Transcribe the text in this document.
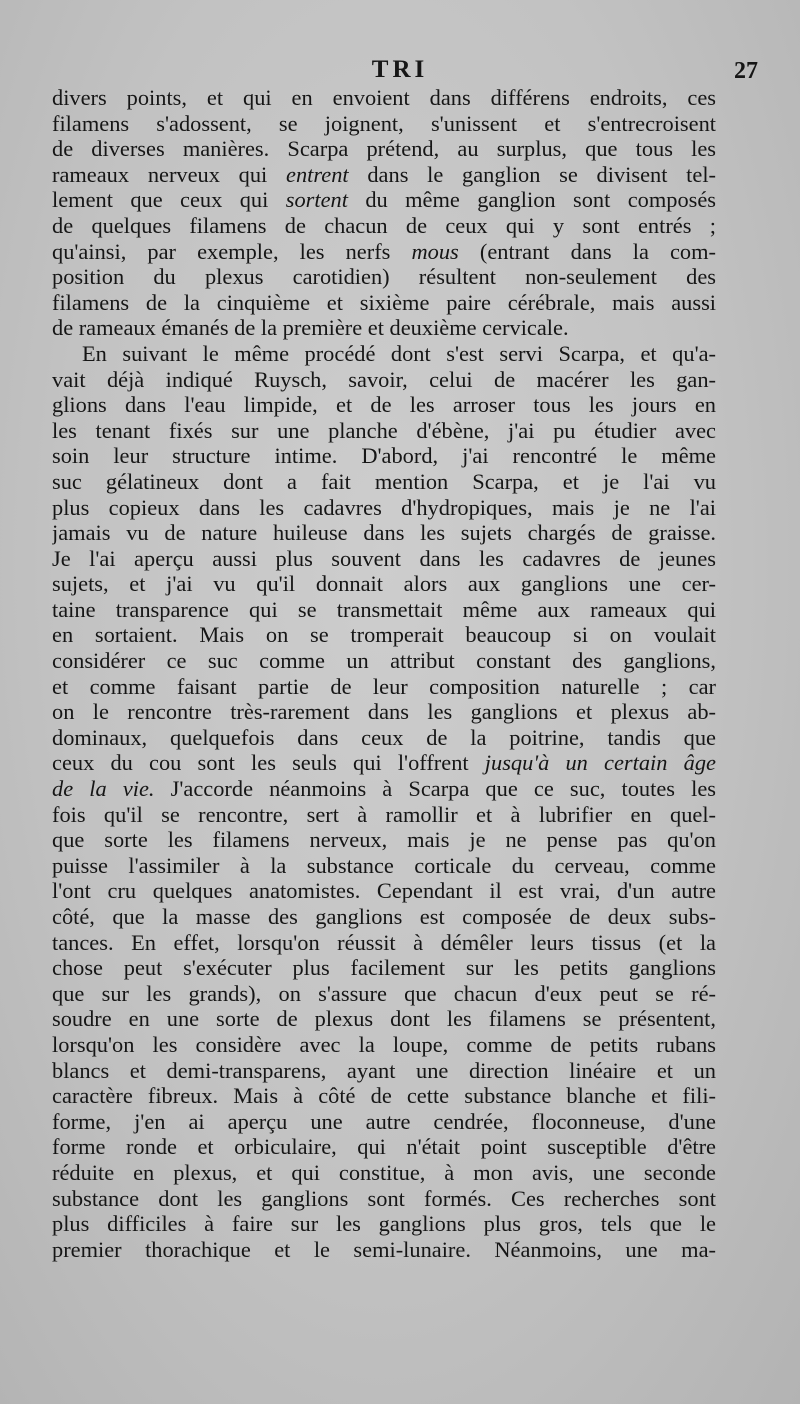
TRI	27
divers points, et qui en envoient dans différens endroits, ces
filamens s'adossent, se joignent, s'unissent et s'entrecroisent
de diverses manières. Scarpa prétend, au surplus, que tous les
rameaux nerveux qui entrent dans le ganglion se divisent tel-
lement que ceux qui sortent du même ganglion sont composés
de quelques filamens de chacun de ceux qui y sont entrés ;
qu'ainsi, par exemple, les nerfs mous (entrant dans la com-
position du plexus carotidien) résultent non-seulement des
filamens de la cinquième et sixième paire cérébrale, mais aussi
de rameaux émanés de la première et deuxième cervicale.
En suivant le même procédé dont s'est servi Scarpa, et qu'a-
vait déjà indiqué Ruysch, savoir, celui de macérer les gan-
glions dans l'eau limpide, et de les arroser tous les jours en
les tenant fixés sur une planche d'ébène, j'ai pu étudier avec
soin leur structure intime. D'abord, j'ai rencontré le même
suc gélatineux dont a fait mention Scarpa, et je l'ai vu
plus copieux dans les cadavres d'hydropiques, mais je ne l'ai
jamais vu de nature huileuse dans les sujets chargés de graisse.
Je l'ai aperçu aussi plus souvent dans les cadavres de jeunes
sujets, et j'ai vu qu'il donnait alors aux ganglions une cer-
taine transparence qui se transmettait même aux rameaux qui
en sortaient. Mais on se tromperait beaucoup si on voulait
considérer ce suc comme un attribut constant des ganglions,
et comme faisant partie de leur composition naturelle ; car
on le rencontre très-rarement dans les ganglions et plexus ab-
dominaux, quelquefois dans ceux de la poitrine, tandis que
ceux du cou sont les seuls qui l'offrent jusqu'à un certain âge
de la vie. J'accorde néanmoins à Scarpa que ce suc, toutes les
fois qu'il se rencontre, sert à ramollir et à lubrifier en quel-
que sorte les filamens nerveux, mais je ne pense pas qu'on
puisse l'assimiler à la substance corticale du cerveau, comme
l'ont cru quelques anatomistes. Cependant il est vrai, d'un autre
côté, que la masse des ganglions est composée de deux subs-
tances. En effet, lorsqu'on réussit à démêler leurs tissus (et la
chose peut s'exécuter plus facilement sur les petits ganglions
que sur les grands), on s'assure que chacun d'eux peut se ré-
soudre en une sorte de plexus dont les filamens se présentent,
lorsqu'on les considère avec la loupe, comme de petits rubans
blancs et demi-transparens, ayant une direction linéaire et un
caractère fibreux. Mais à côté de cette substance blanche et fili-
forme, j'en ai aperçu une autre cendrée, floconneuse, d'une
forme ronde et orbiculaire, qui n'était point susceptible d'être
réduite en plexus, et qui constitue, à mon avis, une seconde
substance dont les ganglions sont formés. Ces recherches sont
plus difficiles à faire sur les ganglions plus gros, tels que le
premier thorachique et le semi-lunaire. Néanmoins, une ma-
